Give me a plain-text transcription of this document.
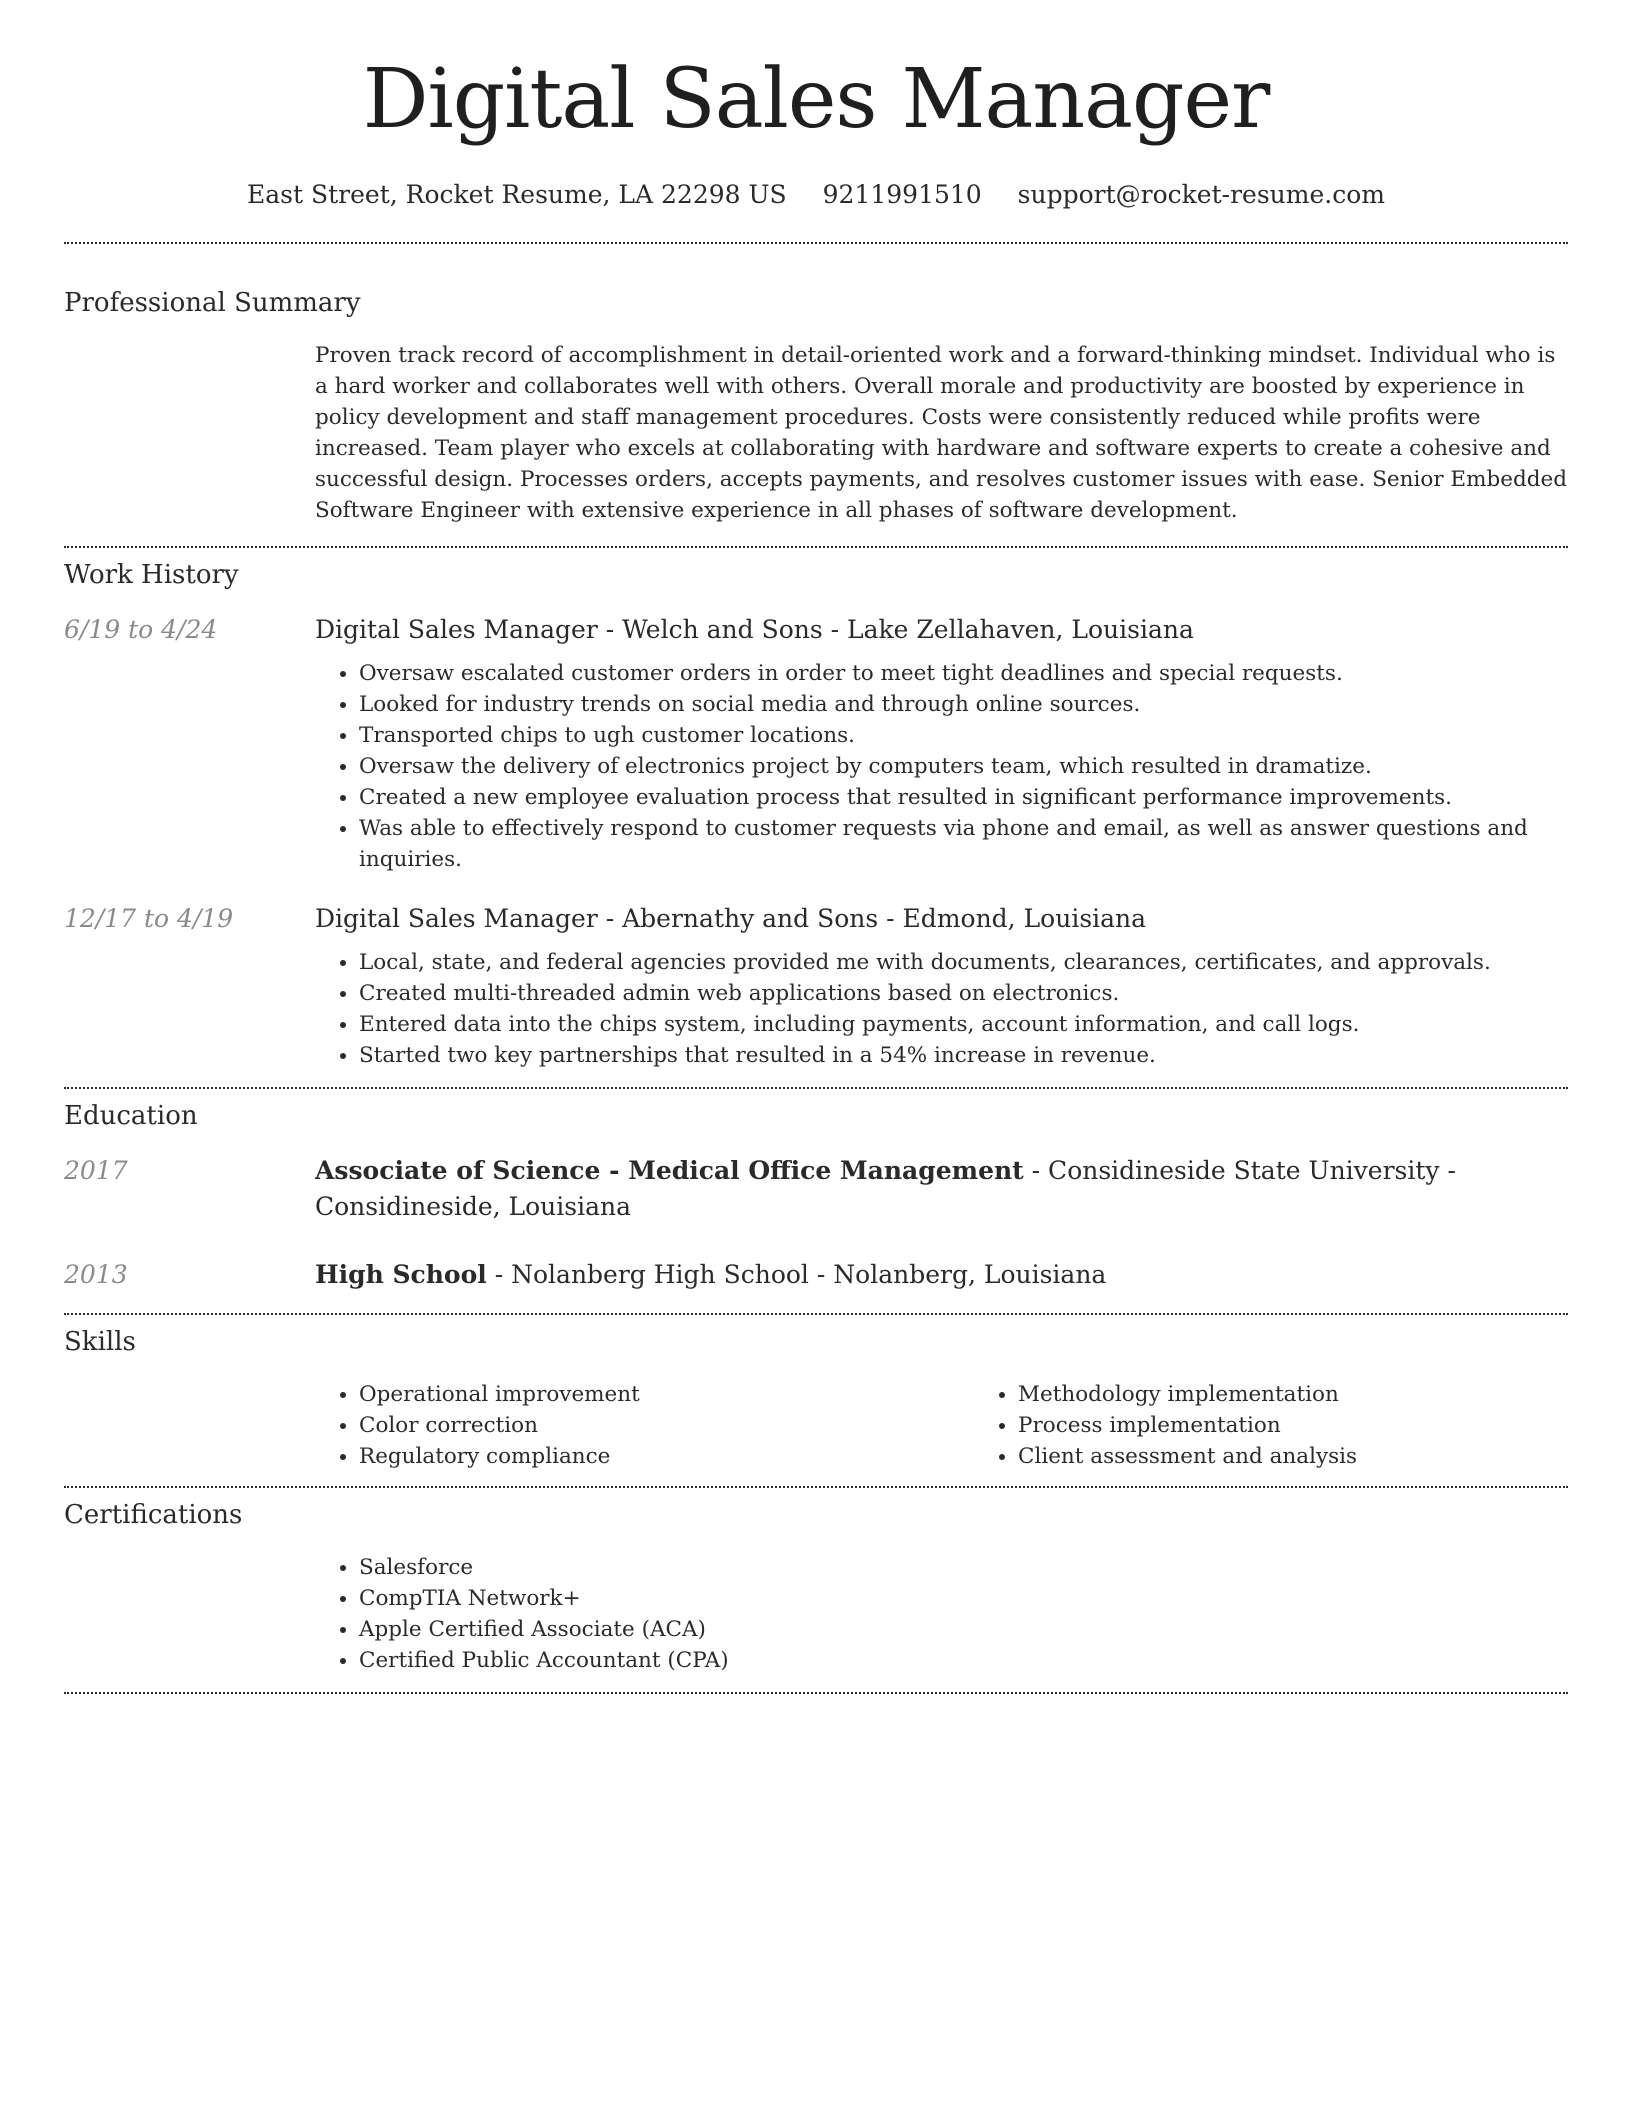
Digital Sales Manager
East Street, Rocket Resume, LA 22298 US 9211991510 support@rocket-resume.com
Professional Summary
Proven track record of accomplishment in detail-oriented work and a forward-thinking mindset. Individual who is a hard worker and collaborates well with others. Overall morale and productivity are boosted by experience in policy development and staff management procedures. Costs were consistently reduced while profits were increased. Team player who excels at collaborating with hardware and software experts to create a cohesive and successful design. Processes orders, accepts payments, and resolves customer issues with ease. Senior Embedded Software Engineer with extensive experience in all phases of software development.
Work History
6/19 to 4/24	Digital Sales Manager - Welch and Sons - Lake Zellahaven, Louisiana
• Oversaw escalated customer orders in order to meet tight deadlines and special requests.
• Looked for industry trends on social media and through online sources.
• Transported chips to ugh customer locations.
• Oversaw the delivery of electronics project by computers team, which resulted in dramatize.
• Created a new employee evaluation process that resulted in significant performance improvements.
• Was able to effectively respond to customer requests via phone and email, as well as answer questions and inquiries.
12/17 to 4/19	Digital Sales Manager - Abernathy and Sons - Edmond, Louisiana
• Local, state, and federal agencies provided me with documents, clearances, certificates, and approvals.
• Created multi-threaded admin web applications based on electronics.
• Entered data into the chips system, including payments, account information, and call logs.
• Started two key partnerships that resulted in a 54% increase in revenue.
Education
2017	Associate of Science - Medical Office Management - Considineside State University - Considineside, Louisiana
2013	High School - Nolanberg High School - Nolanberg, Louisiana
Skills
• Operational improvement
• Color correction
• Regulatory compliance
• Methodology implementation
• Process implementation
• Client assessment and analysis
Certifications
• Salesforce
• CompTIA Network+
• Apple Certified Associate (ACA)
• Certified Public Accountant (CPA)
